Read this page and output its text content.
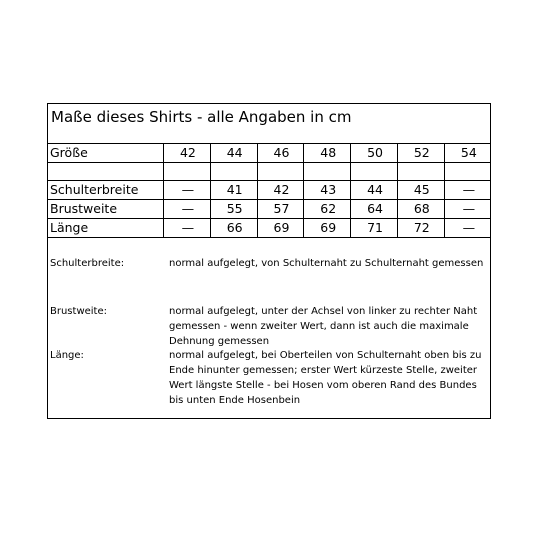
Maße dieses Shirts - alle Angaben in cm
Größe	42	44	46	48	50	52	54

Schulterbreite	—	41	42	43	44	45	—
Brustweite	—	55	57	62	64	68	—
Länge	—	66	69	69	71	72	—
Schulterbreite:	normal aufgelegt, von Schulternaht zu Schulternaht gemessen
Brustweite:	normal aufgelegt, unter der Achsel von linker zu rechter Naht gemessen - wenn zweiter Wert, dann ist auch die maximale Dehnung gemessen
Länge:	normal aufgelegt, bei Oberteilen von Schulternaht oben bis zu Ende hinunter gemessen; erster Wert kürzeste Stelle, zweiter Wert längste Stelle - bei Hosen vom oberen Rand des Bundes bis unten Ende Hosenbein
